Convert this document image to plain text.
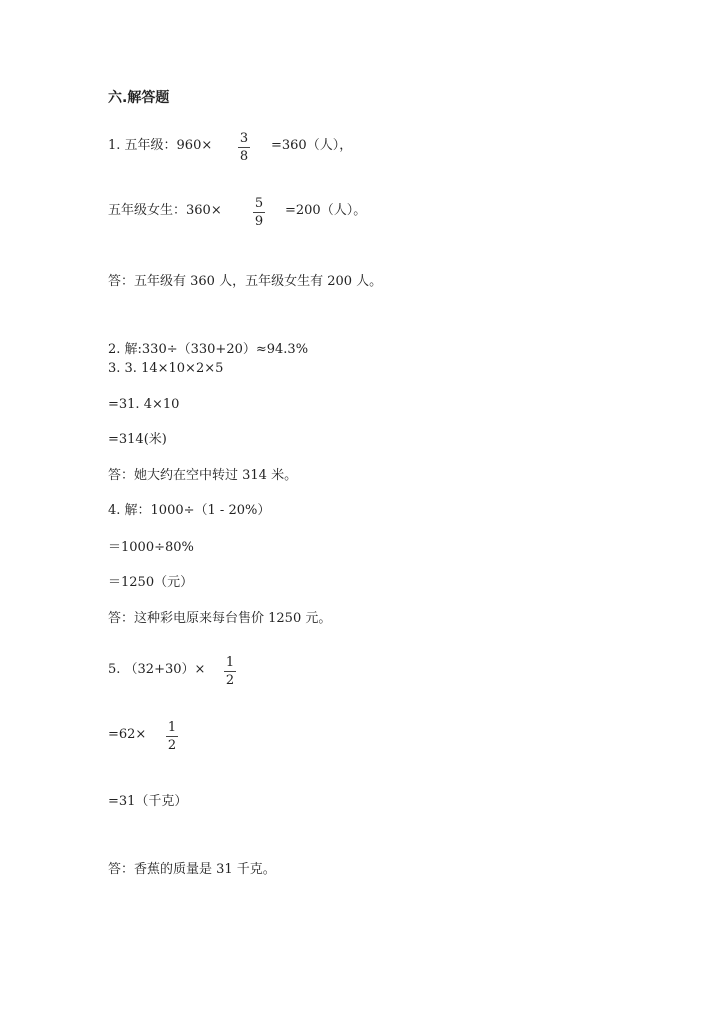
六.解答题
1. 五年级：960× 3
8
=360（人），
五年级女生：360×	5
9
=200（人）。
答：五年级有 360 人，五年级女生有 200 人。
2. 解:330÷（330+20）≈94.3%
3. 3. 14×10×2×5
=31. 4×10
=314(米)
答：她大约在空中转过 314 米。
4. 解：1000÷（1 - 20%）
＝1000÷80%
＝1250（元）
答：这种彩电原来每台售价 1250 元。
5. （32+30）× 1
2
=62× 1
2
=31（千克）
答：香蕉的质量是 31 千克。
